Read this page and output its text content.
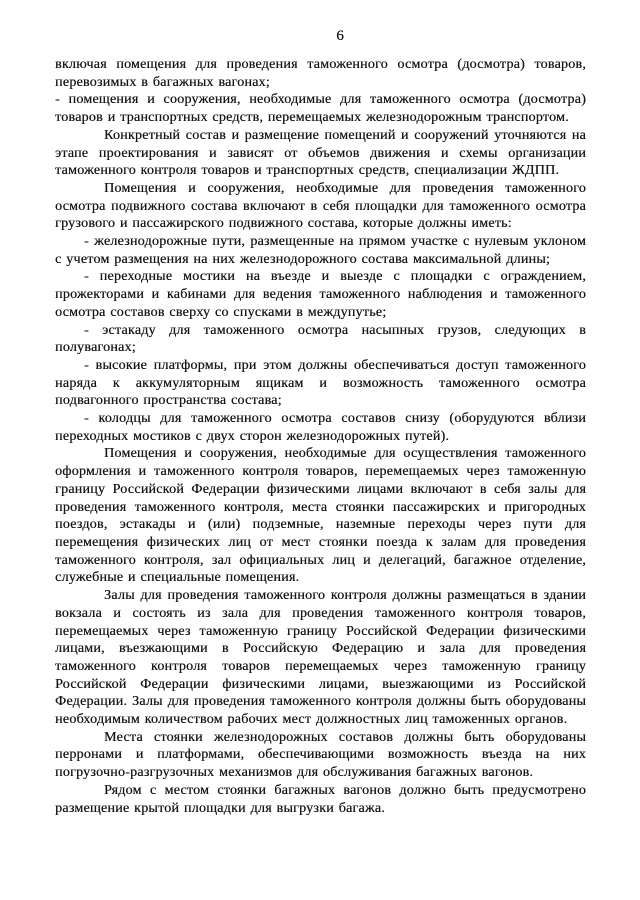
6

включая помещения для проведения таможенного осмотра (досмотра) товаров, перевозимых в багажных вагонах;

- помещения и сооружения, необходимые для таможенного осмотра (досмотра) товаров и транспортных средств, перемещаемых железнодорожным транспортом.

Конкретный состав и размещение помещений и сооружений уточняются на этапе проектирования и зависят от объемов движения и схемы организации таможенного контроля товаров и транспортных средств, специализации ЖДПП.

Помещения и сооружения, необходимые для проведения таможенного осмотра подвижного состава включают в себя площадки для таможенного осмотра грузового и пассажирского подвижного состава, которые должны иметь:

- железнодорожные пути, размещенные на прямом участке с нулевым уклоном с учетом размещения на них железнодорожного состава максимальной длины;

- переходные мостики на въезде и выезде с площадки с ограждением, прожекторами и кабинами для ведения таможенного наблюдения и таможенного осмотра составов сверху со спусками в междупутье;

- эстакаду для таможенного осмотра насыпных грузов, следующих в полувагонах;

- высокие платформы, при этом должны обеспечиваться доступ таможенного наряда к аккумуляторным ящикам и возможность таможенного осмотра подвагонного пространства состава;

- колодцы для таможенного осмотра составов снизу (оборудуются вблизи переходных мостиков с двух сторон железнодорожных путей).

Помещения и сооружения, необходимые для осуществления таможенного оформления и таможенного контроля товаров, перемещаемых через таможенную границу Российской Федерации физическими лицами включают в себя залы для проведения таможенного контроля, места стоянки пассажирских и пригородных поездов, эстакады и (или) подземные, наземные переходы через пути для перемещения физических лиц от мест стоянки поезда к залам для проведения таможенного контроля, зал официальных лиц и делегаций, багажное отделение, служебные и специальные помещения.

Залы для проведения таможенного контроля должны размещаться в здании вокзала и состоять из зала для проведения таможенного контроля товаров, перемещаемых через таможенную границу Российской Федерации физическими лицами, въезжающими в Российскую Федерацию и зала для проведения таможенного контроля товаров перемещаемых через таможенную границу Российской Федерации физическими лицами, выезжающими из Российской Федерации. Залы для проведения таможенного контроля должны быть оборудованы необходимым количеством рабочих мест должностных лиц таможенных органов.

Места стоянки железнодорожных составов должны быть оборудованы перронами и платформами, обеспечивающими возможность въезда на них погрузочно-разгрузочных механизмов для обслуживания багажных вагонов.

Рядом с местом стоянки багажных вагонов должно быть предусмотрено размещение крытой площадки для выгрузки багажа.
